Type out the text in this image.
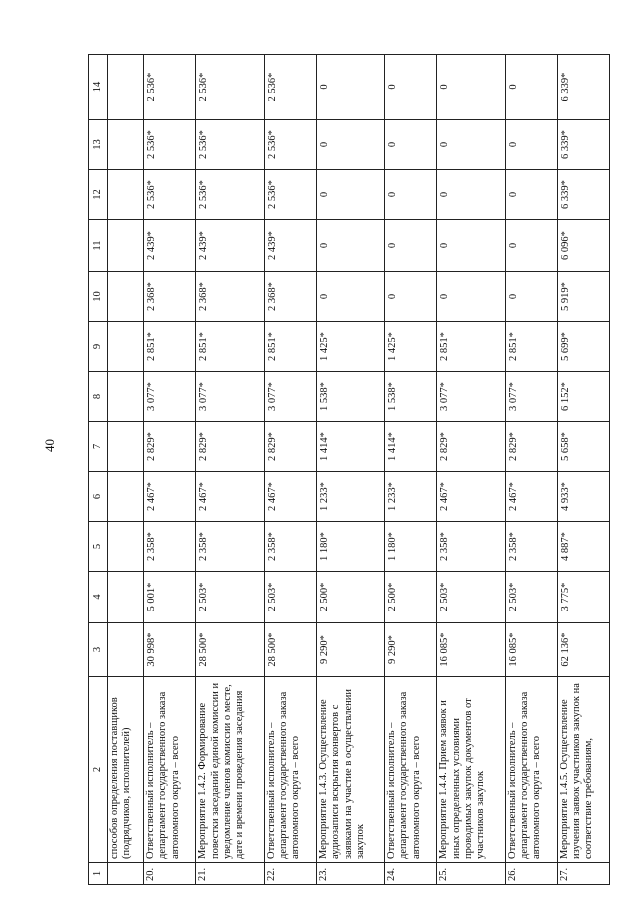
40
1	2	3	4	5	6	7	8	9	10	11	12	13	14
	способов определения поставщиков (подрядчиков, исполнителей)												
20.	Ответственный исполнитель – департамент государственного заказа автономного округа – всего	30 998*	5 001*	2 358*	2 467*	2 829*	3 077*	2 851*	2 368*	2 439*	2 536*	2 536*	2 536*
21.	Мероприятие 1.4.2. Формирование повестки заседаний единой комиссии и уведомление членов комиссии о месте, дате и времени проведения заседания	28 500*	2 503*	2 358*	2 467*	2 829*	3 077*	2 851*	2 368*	2 439*	2 536*	2 536*	2 536*
22.	Ответственный исполнитель – департамент государственного заказа автономного округа – всего	28 500*	2 503*	2 358*	2 467*	2 829*	3 077*	2 851*	2 368*	2 439*	2 536*	2 536*	2 536*
23.	Мероприятие 1.4.3. Осуществление аудиозаписи вскрытия конвертов с заявками на участие в осуществлении закупок	9 290*	2 500*	1 180*	1 233*	1 414*	1 538*	1 425*	0	0	0	0	0
24.	Ответственный исполнитель – департамент государственного заказа автономного округа – всего	9 290*	2 500*	1 180*	1 233*	1 414*	1 538*	1 425*	0	0	0	0	0
25.	Мероприятие 1.4.4. Прием заявок и иных определенных условиями проводимых закупок документов от участников закупок	16 085*	2 503*	2 358*	2 467*	2 829*	3 077*	2 851*	0	0	0	0	0
26.	Ответственный исполнитель – департамент государственного заказа автономного округа – всего	16 085*	2 503*	2 358*	2 467*	2 829*	3 077*	2 851*	0	0	0	0	0
27.	Мероприятие 1.4.5. Осуществление изучения заявок участников закупок на соответствие требованиям,	62 136*	3 775*	4 887*	4 933*	5 658*	6 152*	5 699*	5 919*	6 096*	6 339*	6 339*	6 339*
